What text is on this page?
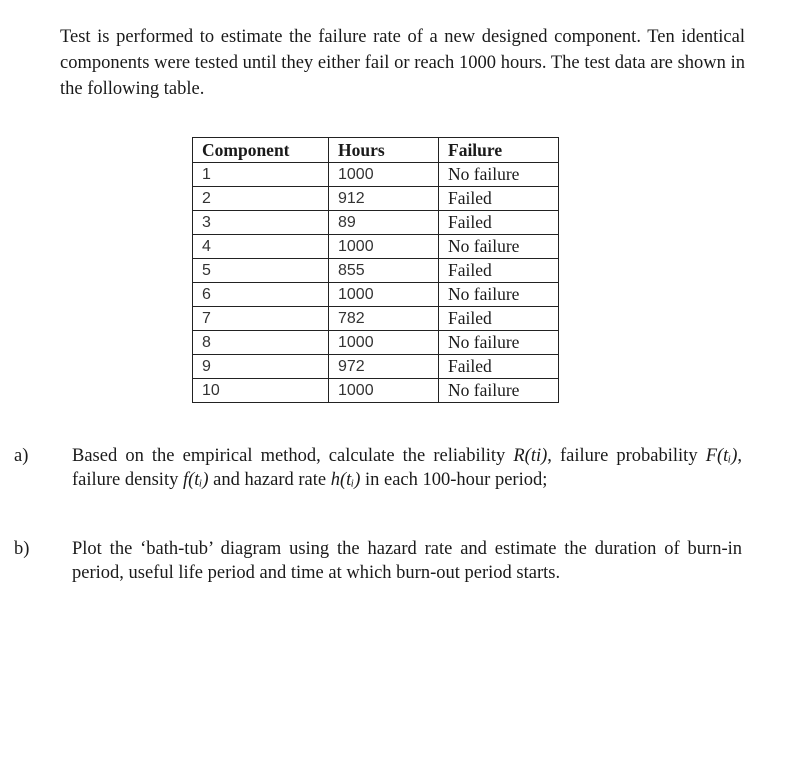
Test is performed to estimate the failure rate of a new designed component. Ten identical components were tested until they either fail or reach 1000 hours. The test data are shown in the following table.

Component	Hours	Failure
1	1000	No failure
2	912	Failed
3	89	Failed
4	1000	No failure
5	855	Failed
6	1000	No failure
7	782	Failed
8	1000	No failure
9	972	Failed
10	1000	No failure
a) Based on the empirical method, calculate the reliability R(ti), failure probability F(tᵢ), failure density f(tᵢ) and hazard rate h(tᵢ) in each 100-hour period;
b) Plot the ‘bath-tub’ diagram using the hazard rate and estimate the duration of burn-in period, useful life period and time at which burn-out period starts.
